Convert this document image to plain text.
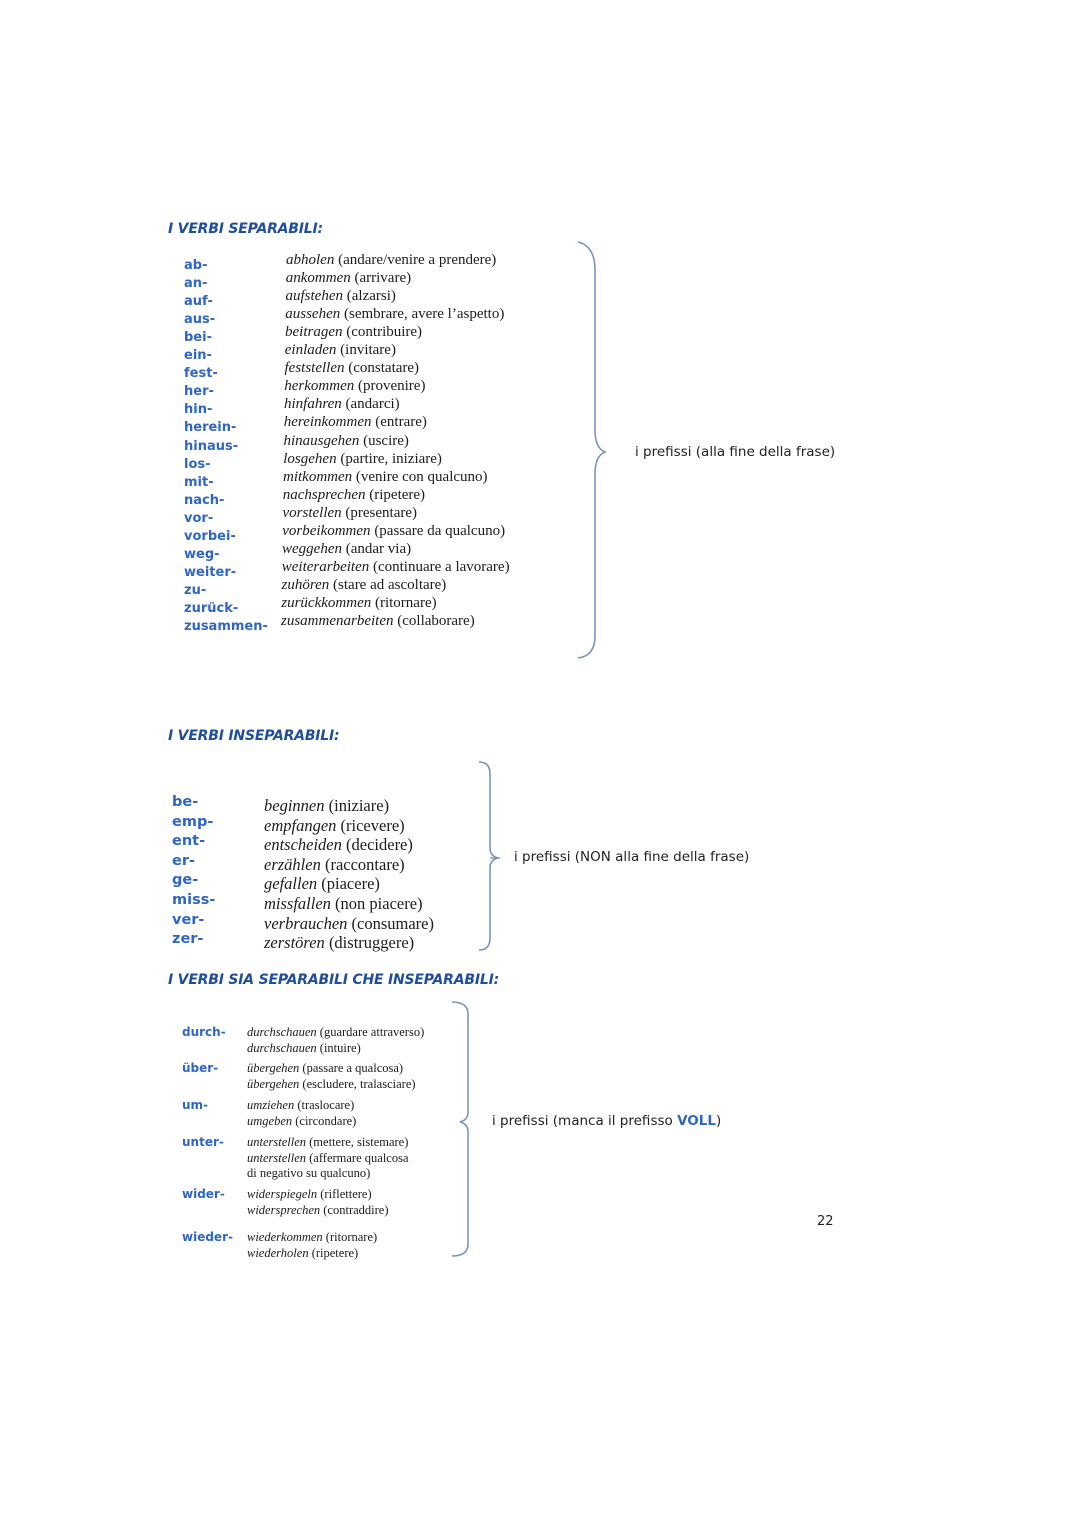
I VERBI SEPARABILI:
ab-	abholen (andare/venire a prendere)
an-	ankommen (arrivare)
auf-	aufstehen (alzarsi)
aus-	aussehen (sembrare, avere l’aspetto)
bei-	beitragen (contribuire)
ein-	einladen (invitare)
fest-	feststellen (constatare)
her-	herkommen (provenire)
hin-	hinfahren (andarci)
herein-	hereinkommen (entrare)
hinaus-	hinausgehen (uscire)
los-	losgehen (partire, iniziare)
mit-	mitkommen (venire con qualcuno)
nach-	nachsprechen (ripetere)
vor-	vorstellen (presentare)
vorbei-	vorbeikommen (passare da qualcuno)
weg-	weggehen (andar via)
weiter-	weiterarbeiten (continuare a lavorare)
zu-	zuhören (stare ad ascoltare)
zurück-	zurückkommen (ritornare)
zusammen- zusammenarbeiten (collaborare)
i prefissi (alla fine della frase)
I VERBI INSEPARABILI:
be-	beginnen (iniziare)
emp-	empfangen (ricevere)
ent-	entscheiden (decidere)
er-	erzählen (raccontare)
ge-	gefallen (piacere)
miss-	missfallen (non piacere)
ver-	verbrauchen (consumare)
zer-	zerstören (distruggere)
i prefissi (NON alla fine della frase)
I VERBI SIA SEPARABILI CHE INSEPARABILI:
durch- durchschauen (guardare attraverso)
durchschauen (intuire)
über- übergehen (passare a qualcosa)
übergehen (escludere, tralasciare)
um-	umziehen (traslocare)
umgeben (circondare)
unter- unterstellen (mettere, sistemare)
unterstellen (affermare qualcosa
di negativo su qualcuno)
wider- widerspiegeln (riflettere)
widersprechen (contraddire)
wieder- wiederkommen (ritornare)
wiederholen (ripetere)
i prefissi (manca il prefisso VOLL)
22
